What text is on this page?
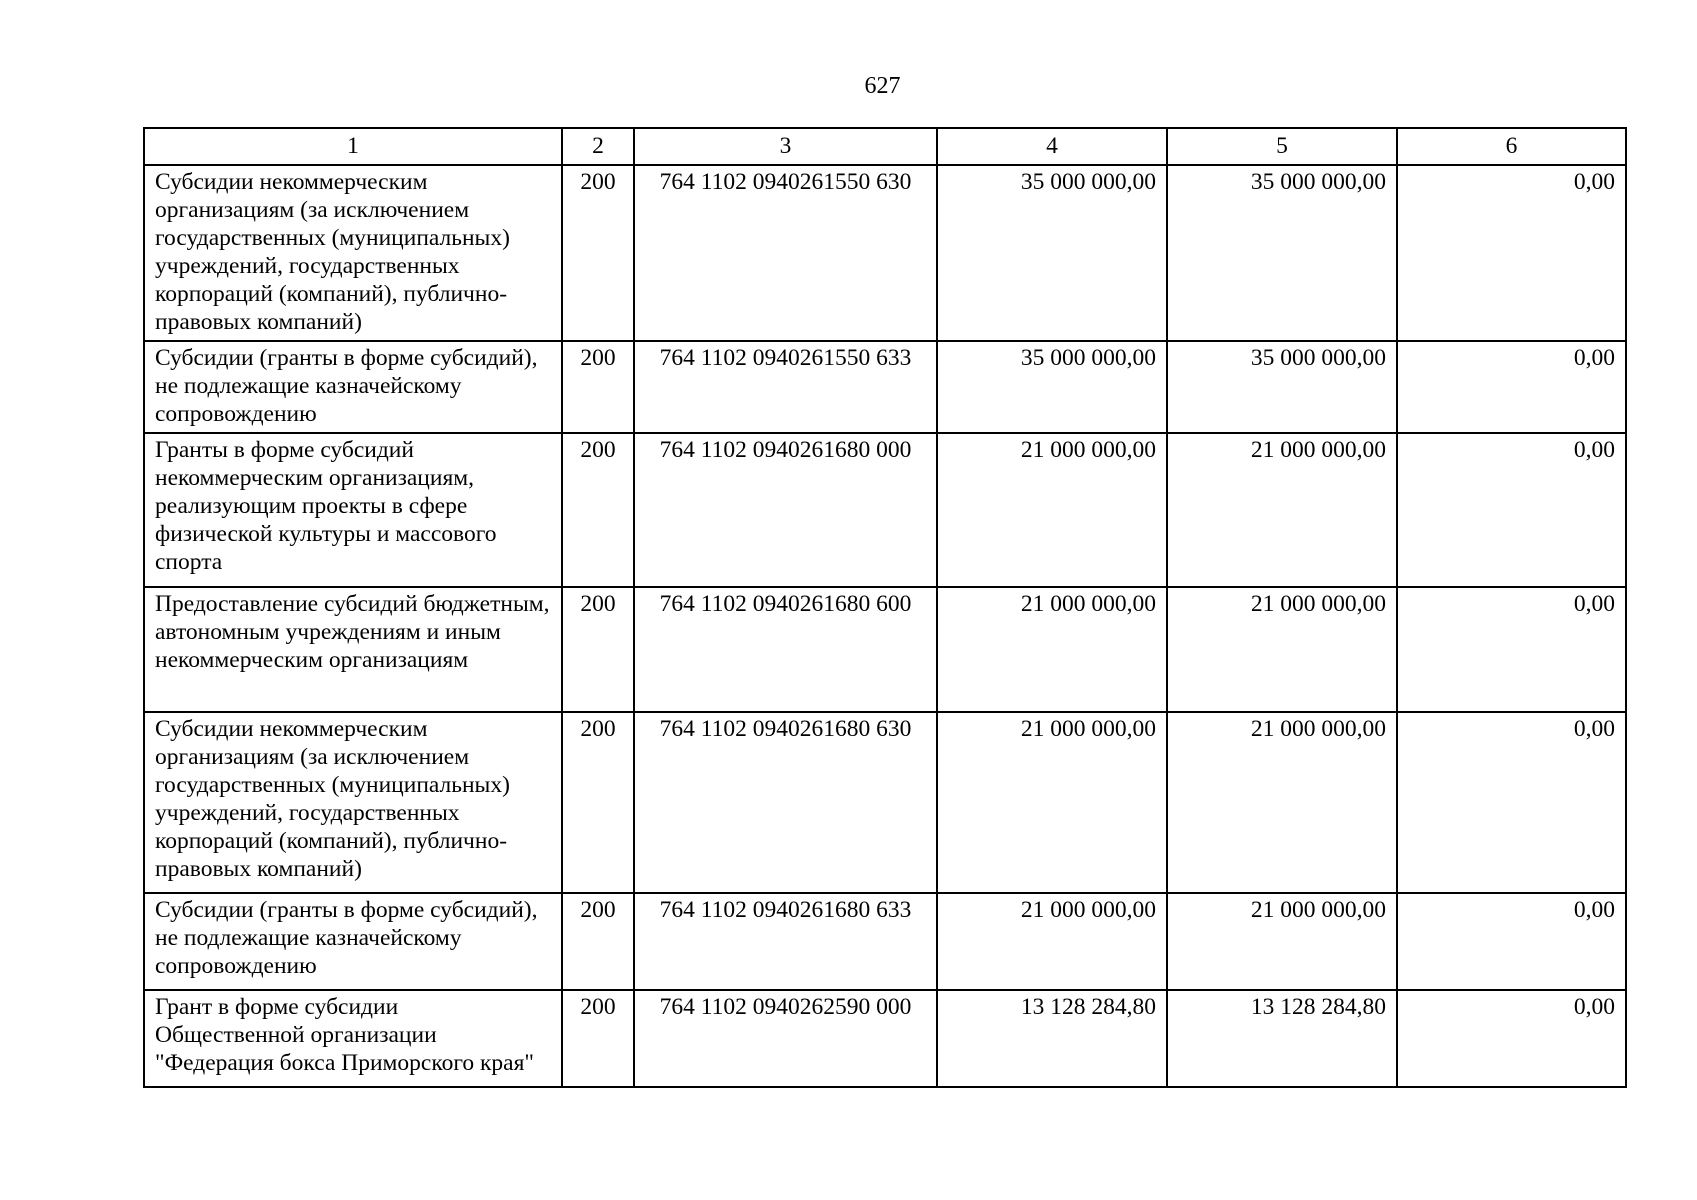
627
1	2	3	4	5	6
Субсидии некоммерческим организациям (за исключением государственных (муниципальных) учреждений, государственных корпораций (компаний), публично-правовых компаний)	200	764 1102 0940261550 630	35 000 000,00	35 000 000,00	0,00
Субсидии (гранты в форме субсидий), не подлежащие казначейскому сопровождению	200	764 1102 0940261550 633	35 000 000,00	35 000 000,00	0,00
Гранты в форме субсидий некоммерческим организациям, реализующим проекты в сфере физической культуры и массового спорта	200	764 1102 0940261680 000	21 000 000,00	21 000 000,00	0,00
Предоставление субсидий бюджетным, автономным учреждениям и иным некоммерческим организациям	200	764 1102 0940261680 600	21 000 000,00	21 000 000,00	0,00
Субсидии некоммерческим организациям (за исключением государственных (муниципальных) учреждений, государственных корпораций (компаний), публично-правовых компаний)	200	764 1102 0940261680 630	21 000 000,00	21 000 000,00	0,00
Субсидии (гранты в форме субсидий), не подлежащие казначейскому сопровождению	200	764 1102 0940261680 633	21 000 000,00	21 000 000,00	0,00
Грант в форме субсидии Общественной организации "Федерация бокса Приморского края"	200	764 1102 0940262590 000	13 128 284,80	13 128 284,80	0,00
